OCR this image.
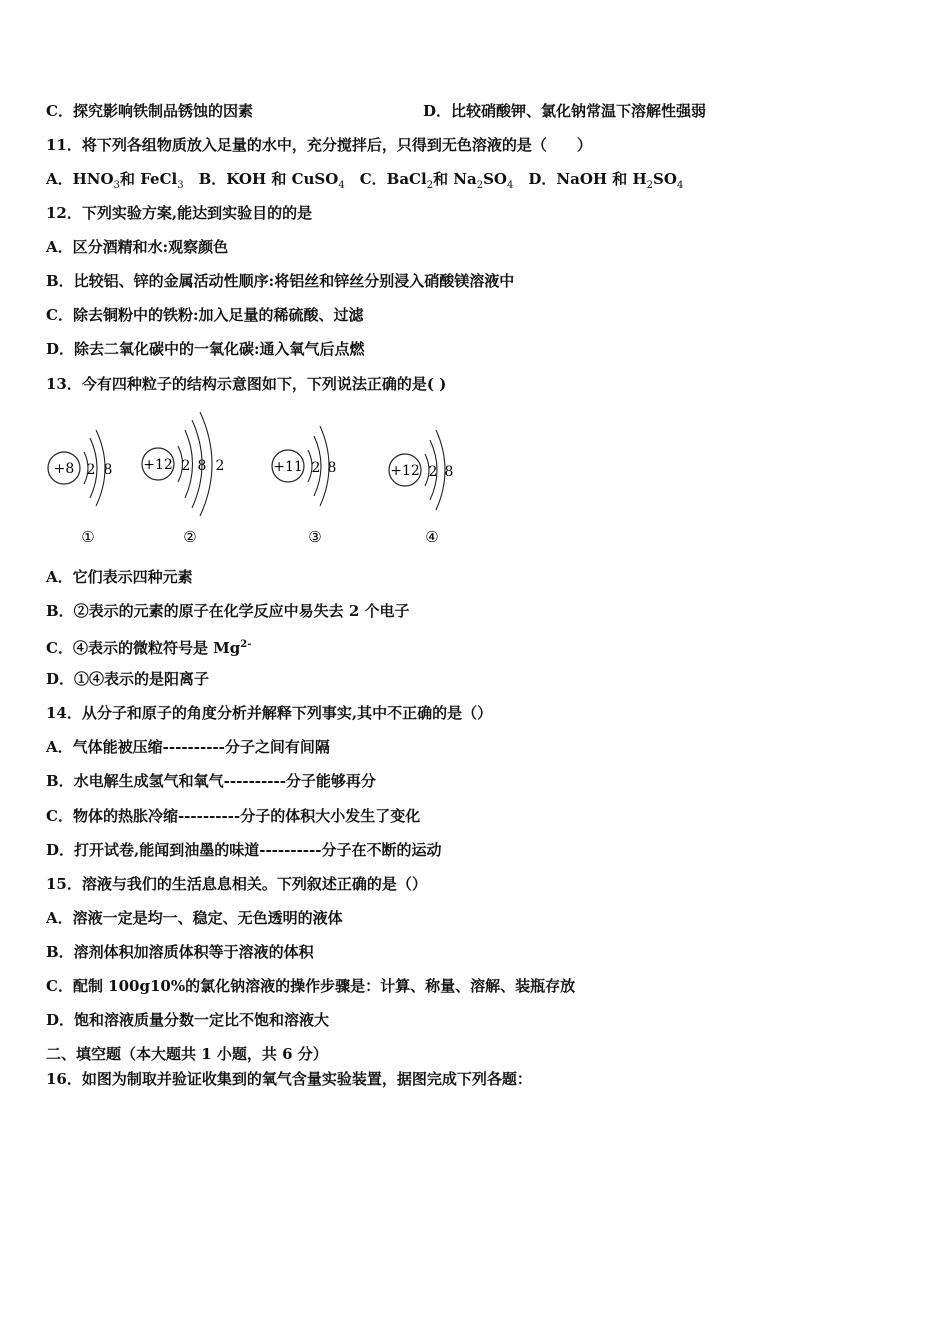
C．探究影响铁制品锈蚀的因素	D．比较硝酸钾、氯化钠常温下溶解性强弱
11．将下列各组物质放入足量的水中，充分搅拌后，只得到无色溶液的是（　　）
A．$HNO_3$和 FeCl$_3$　B．KOH 和 CuSO$_4$　C．BaCl$_2$和 $Na_2SO_4$　D．NaOH 和 $H_2SO_4$
12．下列实验方案,能达到实验目的的是
A．区分酒精和水:观察颜色
B．比较铝、锌的金属活动性顺序:将铝丝和锌丝分别浸入硝酸镁溶液中
C．除去铜粉中的铁粉:加入足量的稀硫酸、过滤
D．除去二氧化碳中的一氧化碳:通入氧气后点燃
13．今有四种粒子的结构示意图如下，下列说法正确的是( )
+8 2 8
①
+12 2 8 2
②
+11 2 8
③
+12 2 8
④
A．它们表示四种元素
B．②表示的元素的原子在化学反应中易失去 2 个电子
C．④表示的微粒符号是 $Mg^{2-}$
D．①④表示的是阳离子
14．从分子和原子的角度分析并解释下列事实,其中不正确的是（）
A．气体能被压缩----------分子之间有间隔
B．水电解生成氢气和氧气----------分子能够再分
C．物体的热胀冷缩----------分子的体积大小发生了变化
D．打开试卷,能闻到油墨的味道----------分子在不断的运动
15．溶液与我们的生活息息相关。下列叙述正确的是（）
A．溶液一定是均一、稳定、无色透明的液体
B．溶剂体积加溶质体积等于溶液的体积
C．配制 100g10%的氯化钠溶液的操作步骤是：计算、称量、溶解、装瓶存放
D．饱和溶液质量分数一定比不饱和溶液大
二、填空题（本大题共 1 小题，共 6 分）
16．如图为制取并验证收集到的氧气含量实验装置，据图完成下列各题：
